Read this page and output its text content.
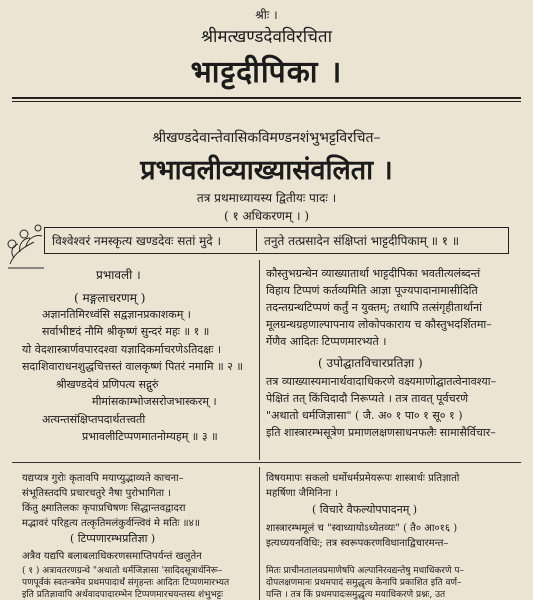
श्रीः ।
श्रीमत्खण्डदेवविरचिता
भाट्टदीपिका ।
श्रीखण्डदेवान्तेवासिकविमण्डनशंभुभट्टविरचित–
प्रभावलीव्याख्यासंवलिता ।
तत्र प्रथमाध्यायस्य द्वितीयः पादः ।
( १ अधिकरणम् । )
विश्वेश्वरं नमस्कृत्य खण्डदेवः सतां मुदे ।	तनुते तत्प्रसादेन संक्षिप्तां भाट्टदीपिकाम् ॥ १ ॥
प्रभावली ।
( मङ्गलाचरणम् )
अज्ञानतिमिरध्वंसि सद्वज्ञानप्रकाशकम् ।
सर्वाभीष्टदं नौमि श्रीकृष्णं सुन्दरं महः ॥ १ ॥
यो वेदशास्त्रार्णवपारदश्वा यज्ञादिकर्माचरणेऽतिदक्षः ।
सदाशिवाराधनशुद्धचित्तस्तं वालकृष्णं पितरं नमामि ॥ २ ॥
श्रीखण्डदेवं प्रणिपत्य सद्गुरुं
मीमांसकाम्भोजसरोजभास्करम् ।
अत्यन्तसंक्षिप्तपदार्थतत्त्वती
प्रभावलीटिप्पणमातनोम्यहम् ॥ ३ ॥
कौस्तुभग्रन्थेन व्याख्यातार्था भाट्टदीपिका भवतीत्यलंब्दन्तं
विहाय टिप्पणं कर्तव्यमिति आज्ञा पूज्यपादानामासीदिति
तदन्तग्रन्थटिप्पणं कर्तुं न युक्तम्; तथापि तत्संगृहीतार्थानां
मूलग्रन्थग्रहणाल्पापनाय लोकोपकाराय च कौस्तुभदर्शितमा–
र्गेणैव आदितः टिप्पणमारभ्यते ।
( उपोद्घातविचारप्रतिज्ञा )
तत्र व्याख्यास्यमानार्थवादाधिकरणे वक्ष्यमाणोद्घातत्वेनावश्या–
पेक्षितं तत् किंचिदादौ निरूप्यते । तत्र तावत् पूर्वचरणे
"अथातो धर्मजिज्ञासा" ( जै. अ० १ पा० १ सू० १ )
इति शास्त्रारम्भसूत्रेण प्रमाणलक्षणसाधनफलैः सामासैर्विचार–
यद्यप्यत्र गुरोः कृतावपि मयाप्युद्भाव्यते काचना–
संभूतिस्तदपि प्रचारचतुरे नैषा पुरोभागिता ।
किंतु क्ष्मातिलकः कृपाप्रचिषणः सिद्धान्तवद्वादरा
मद्भावरं परिहृत्य तत्कृतिमलंकुर्वन्त्विवं मे मतिः ॥४॥
( टिप्पणारम्भप्रतिज्ञा )
अत्रैव यद्यपि बलाबलाधिकरणसमाप्तिपर्यन्तं खलुतेन
विषयमापः सकलो धर्मोधर्मप्रमेयरूपः शास्त्रार्थः प्रतिज्ञातो
महर्षिणा जैमिनिना ।
( विचारे वैफल्योपपादनम् )
शास्त्रारम्भमूलं च "स्वाध्यायोऽध्येतव्यः" ( तै० आ०१६ )
इत्यध्ययनविधिः; तत्र स्वरूपकरणविधानाद्विचारमन्त–
( १ ) अत्रावतरणग्रन्थे "अथातो धर्मजिज्ञासा 'सादिदसूत्रार्थनिरू–
पणपूर्वकं स्वतन्त्रमेव प्रथमपादार्थं संगृहन्तः आदितः टिप्पणमारभ्यत
इति प्रतिज्ञावापि अर्थवादपादारम्भेन टिप्पणमारचयन्तस्य शंभुभट्टः
मितः प्राचीनतालवप्रमाणेषपि अल्पानिरवद्यन्तेषु मधाधिकरणे प–
दोपलक्षणमानः प्रथमपादं समुद्धृत्य केनापि प्रकाशित इति वर्ण–
यन्ति । तत्र किं प्रथमपादःसमुद्धृत्य मयाधिकरणे प्रश्नः, उत
